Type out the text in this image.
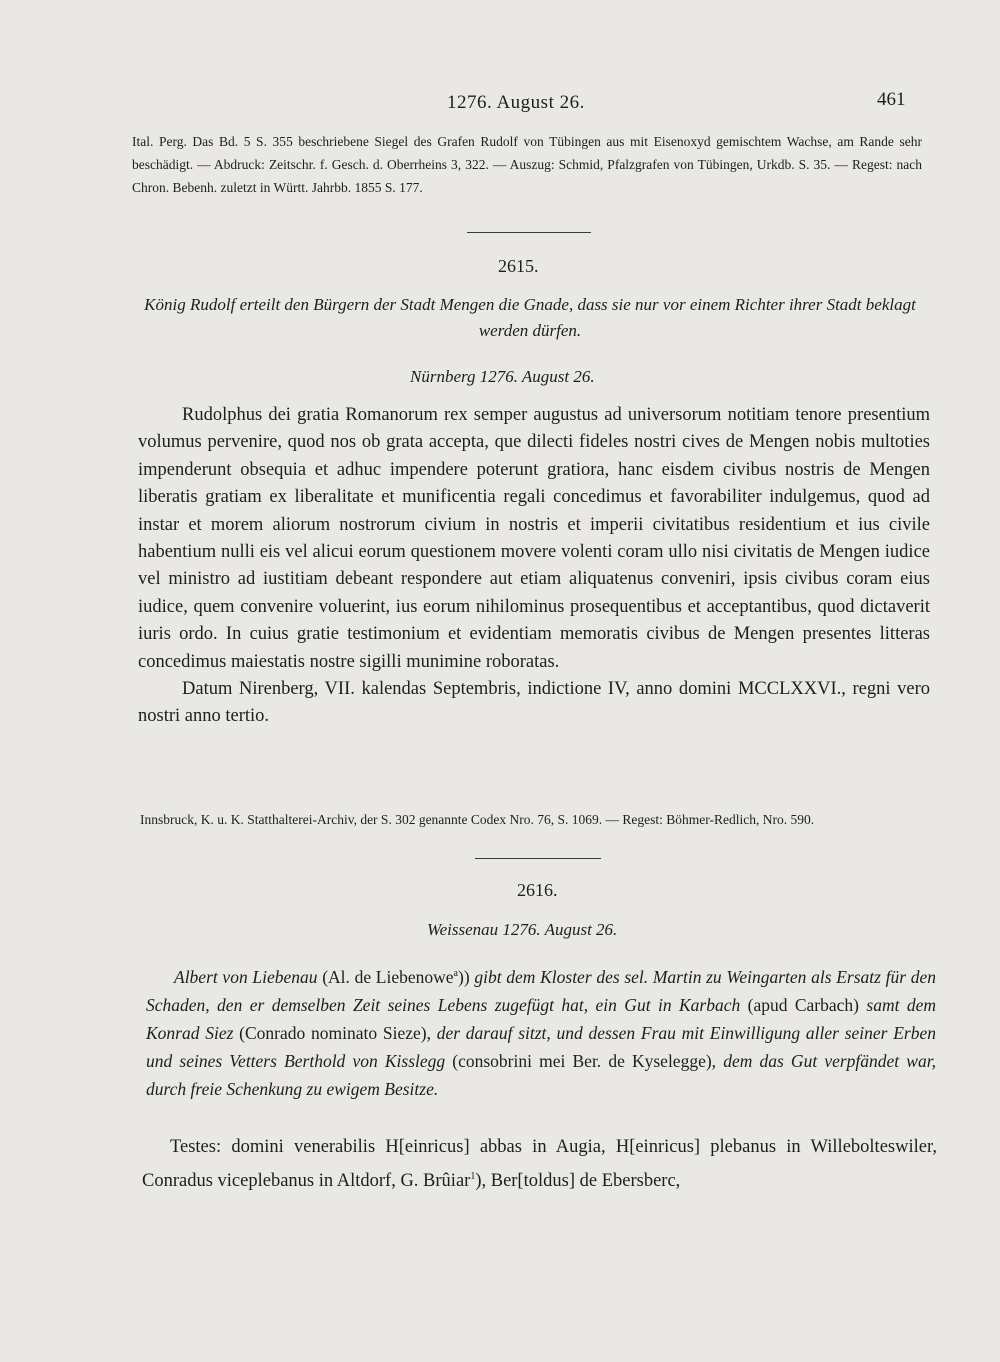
1276. August 26.	461
Ital. Perg. Das Bd. 5 S. 355 beschriebene Siegel des Grafen Rudolf von Tübingen aus mit Eisenoxyd gemischtem Wachse, am Rande sehr beschädigt. — Abdruck: Zeitschr. f. Gesch. d. Oberrheins 3, 322. — Auszug: Schmid, Pfalzgrafen von Tübingen, Urkdb. S. 35. — Regest: nach Chron. Bebenh. zuletzt in Württ. Jahrbb. 1855 S. 177.
2615.
König Rudolf erteilt den Bürgern der Stadt Mengen die Gnade, dass sie nur vor einem Richter ihrer Stadt beklagt werden dürfen.
Nürnberg 1276. August 26.

Rudolphus dei gratia Romanorum rex semper augustus ad universorum notitiam tenore presentium volumus pervenire, quod nos ob grata accepta, que dilecti fideles nostri cives de Mengen nobis multoties impenderunt obsequia et adhuc impendere poterunt gratiora, hanc eisdem civibus nostris de Mengen liberatis gratiam ex liberalitate et munificentia regali concedimus et favorabiliter indulgemus, quod ad instar et morem aliorum nostrorum civium in nostris et imperii civitatibus residentium et ius civile habentium nulli eis vel alicui eorum questionem movere volenti coram ullo nisi civitatis de Mengen iudice vel ministro ad iustitiam debeant respondere aut etiam aliquatenus conveniri, ipsis civibus coram eius iudice, quem convenire voluerint, ius eorum nihilominus prosequentibus et acceptantibus, quod dictaverit iuris ordo. In cuius gratie testimonium et evidentiam memoratis civibus de Mengen presentes litteras concedimus maiestatis nostre sigilli munimine roboratas.

Datum Nirenberg, VII. kalendas Septembris, indictione IV, anno domini MCCLXXVI., regni vero nostri anno tertio.

Innsbruck, K. u. K. Statthalterei-Archiv, der S. 302 genannte Codex Nro. 76, S. 1069. — Regest: Böhmer-Redlich, Nro. 590.
2616.
Weissenau 1276. August 26.

Albert von Liebenau (Al. de Liebenowe$^a$)) gibt dem Kloster des sel. Martin zu Weingarten als Ersatz für den Schaden, den er demselben Zeit seines Lebens zugefügt hat, ein Gut in Karbach (apud Carbach) samt dem Konrad Siez (Conrado nominato Sieze), der darauf sitzt, und dessen Frau mit Einwilligung aller seiner Erben und seines Vetters Berthold von Kisslegg (consobrini mei Ber. de Kyselegge), dem das Gut verpfändet war, durch freie Schenkung zu ewigem Besitze.

Testes: domini venerabilis H[einricus] abbas in Augia, H[einricus] plebanus in Willebolteswiler, Conradus viceplebanus in Altdorf, G. Brûiar$^1$), Ber[toldus] de Ebersberc,
